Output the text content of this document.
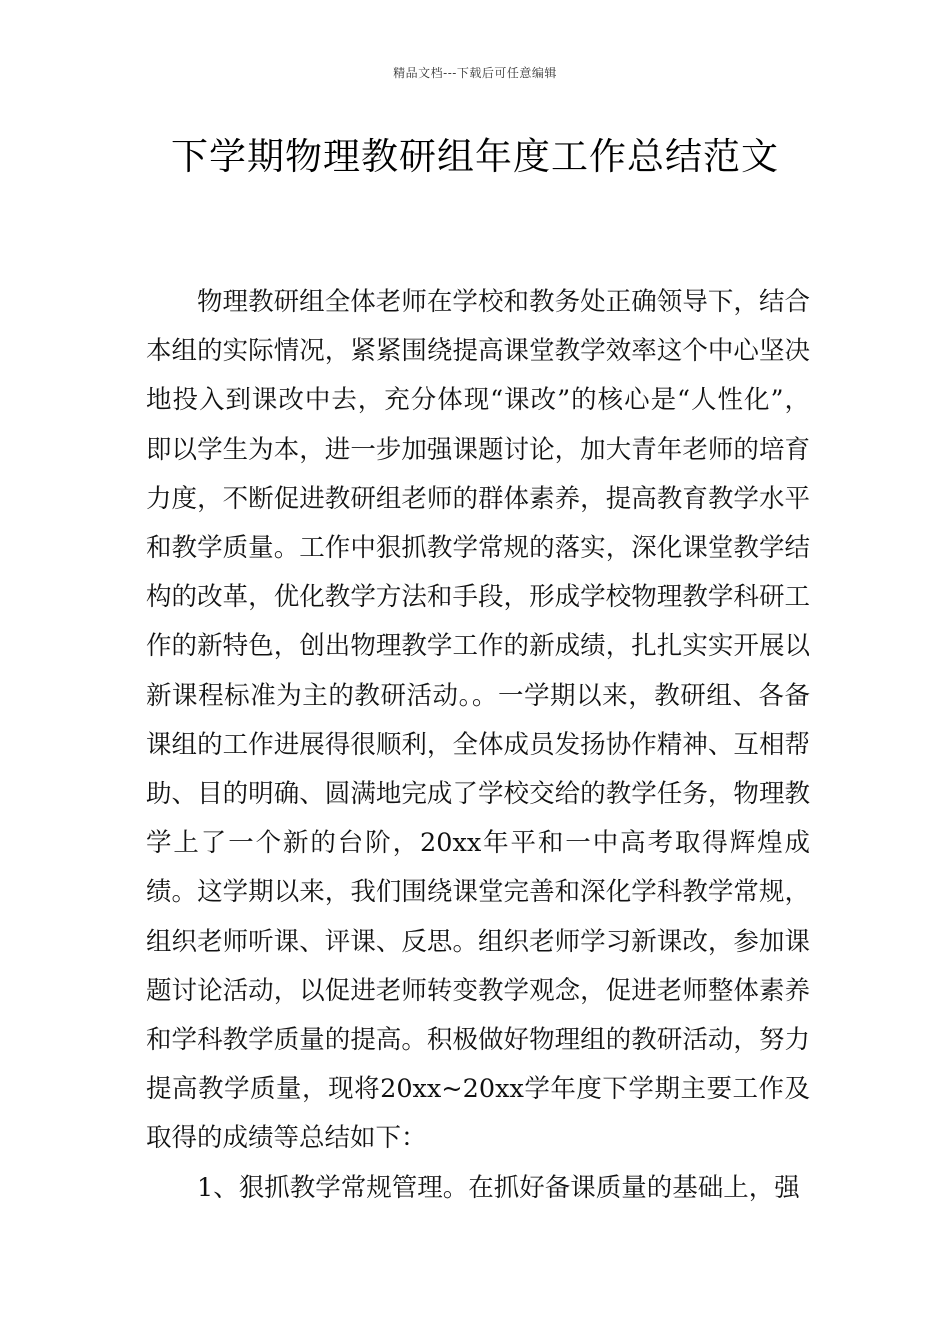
精品文档---下载后可任意编辑
下学期物理教研组年度工作总结范文

物理教研组全体老师在学校和教务处正确领导下，结合本组的实际情况，紧紧围绕提高课堂教学效率这个中心坚决地投入到课改中去，充分体现“课改”的核心是“人性化”，即以学生为本，进一步加强课题讨论，加大青年老师的培育力度，不断促进教研组老师的群体素养，提高教育教学水平和教学质量。工作中狠抓教学常规的落实，深化课堂教学结构的改革，优化教学方法和手段，形成学校物理教学科研工作的新特色，创出物理教学工作的新成绩，扎扎实实开展以新课程标准为主的教研活动。。一学期以来，教研组、各备课组的工作进展得很顺利，全体成员发扬协作精神、互相帮助、目的明确、圆满地完成了学校交给的教学任务，物理教学上了一个新的台阶，20xx年平和一中高考取得辉煌成绩。这学期以来，我们围绕课堂完善和深化学科教学常规，组织老师听课、评课、反思。组织老师学习新课改，参加课题讨论活动，以促进老师转变教学观念，促进老师整体素养和学科教学质量的提高。积极做好物理组的教研活动，努力提高教学质量，现将20xx~20xx学年度下学期主要工作及取得的成绩等总结如下：

1、狠抓教学常规管理。在抓好备课质量的基础上，强
